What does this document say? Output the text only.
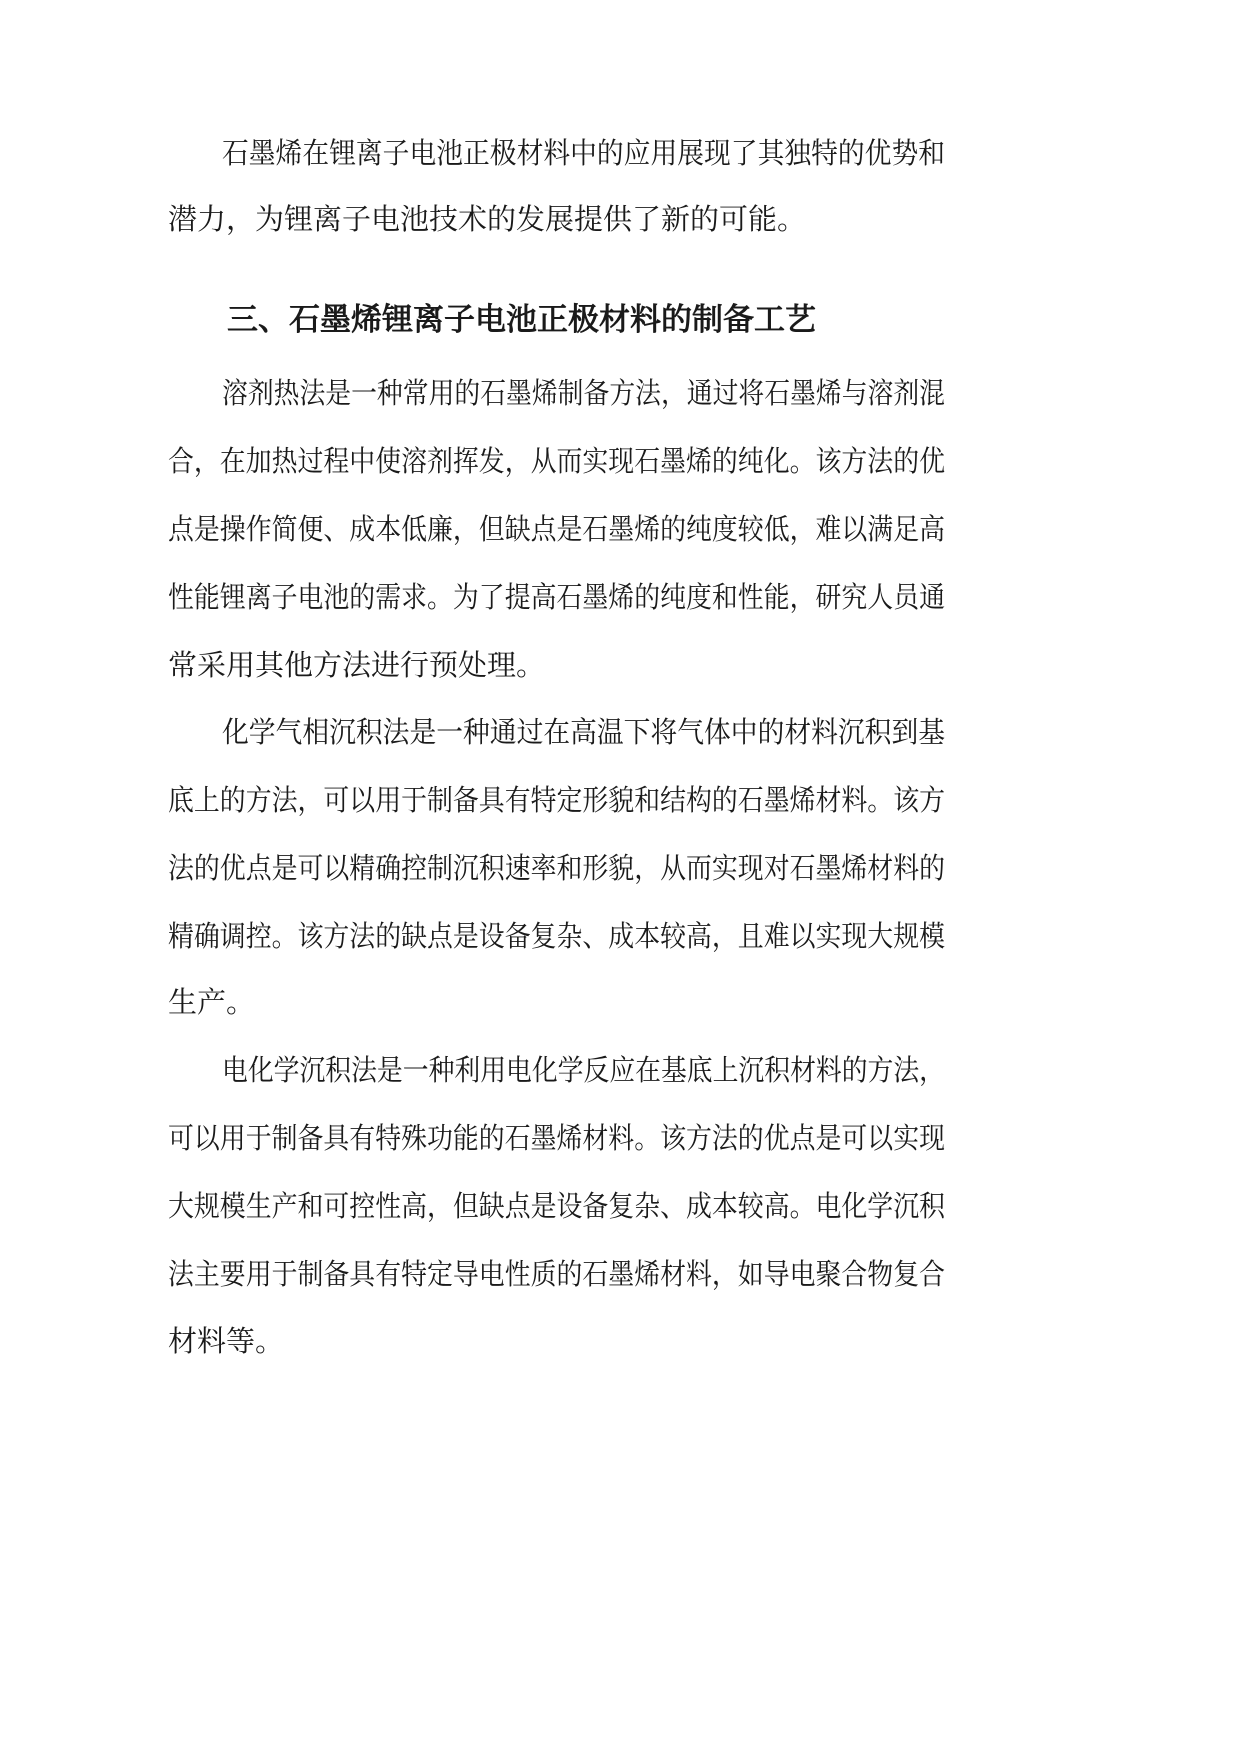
石墨烯在锂离子电池正极材料中的应用展现了其独特的优势和
潜力，为锂离子电池技术的发展提供了新的可能。
三、石墨烯锂离子电池正极材料的制备工艺
溶剂热法是一种常用的石墨烯制备方法，通过将石墨烯与溶剂混
合，在加热过程中使溶剂挥发，从而实现石墨烯的纯化。该方法的优
点是操作简便、成本低廉，但缺点是石墨烯的纯度较低，难以满足高
性能锂离子电池的需求。为了提高石墨烯的纯度和性能，研究人员通
常采用其他方法进行预处理。
化学气相沉积法是一种通过在高温下将气体中的材料沉积到基
底上的方法，可以用于制备具有特定形貌和结构的石墨烯材料。该方
法的优点是可以精确控制沉积速率和形貌，从而实现对石墨烯材料的
精确调控。该方法的缺点是设备复杂、成本较高，且难以实现大规模
生产。
电化学沉积法是一种利用电化学反应在基底上沉积材料的方法，
可以用于制备具有特殊功能的石墨烯材料。该方法的优点是可以实现
大规模生产和可控性高，但缺点是设备复杂、成本较高。电化学沉积
法主要用于制备具有特定导电性质的石墨烯材料，如导电聚合物复合
材料等。
